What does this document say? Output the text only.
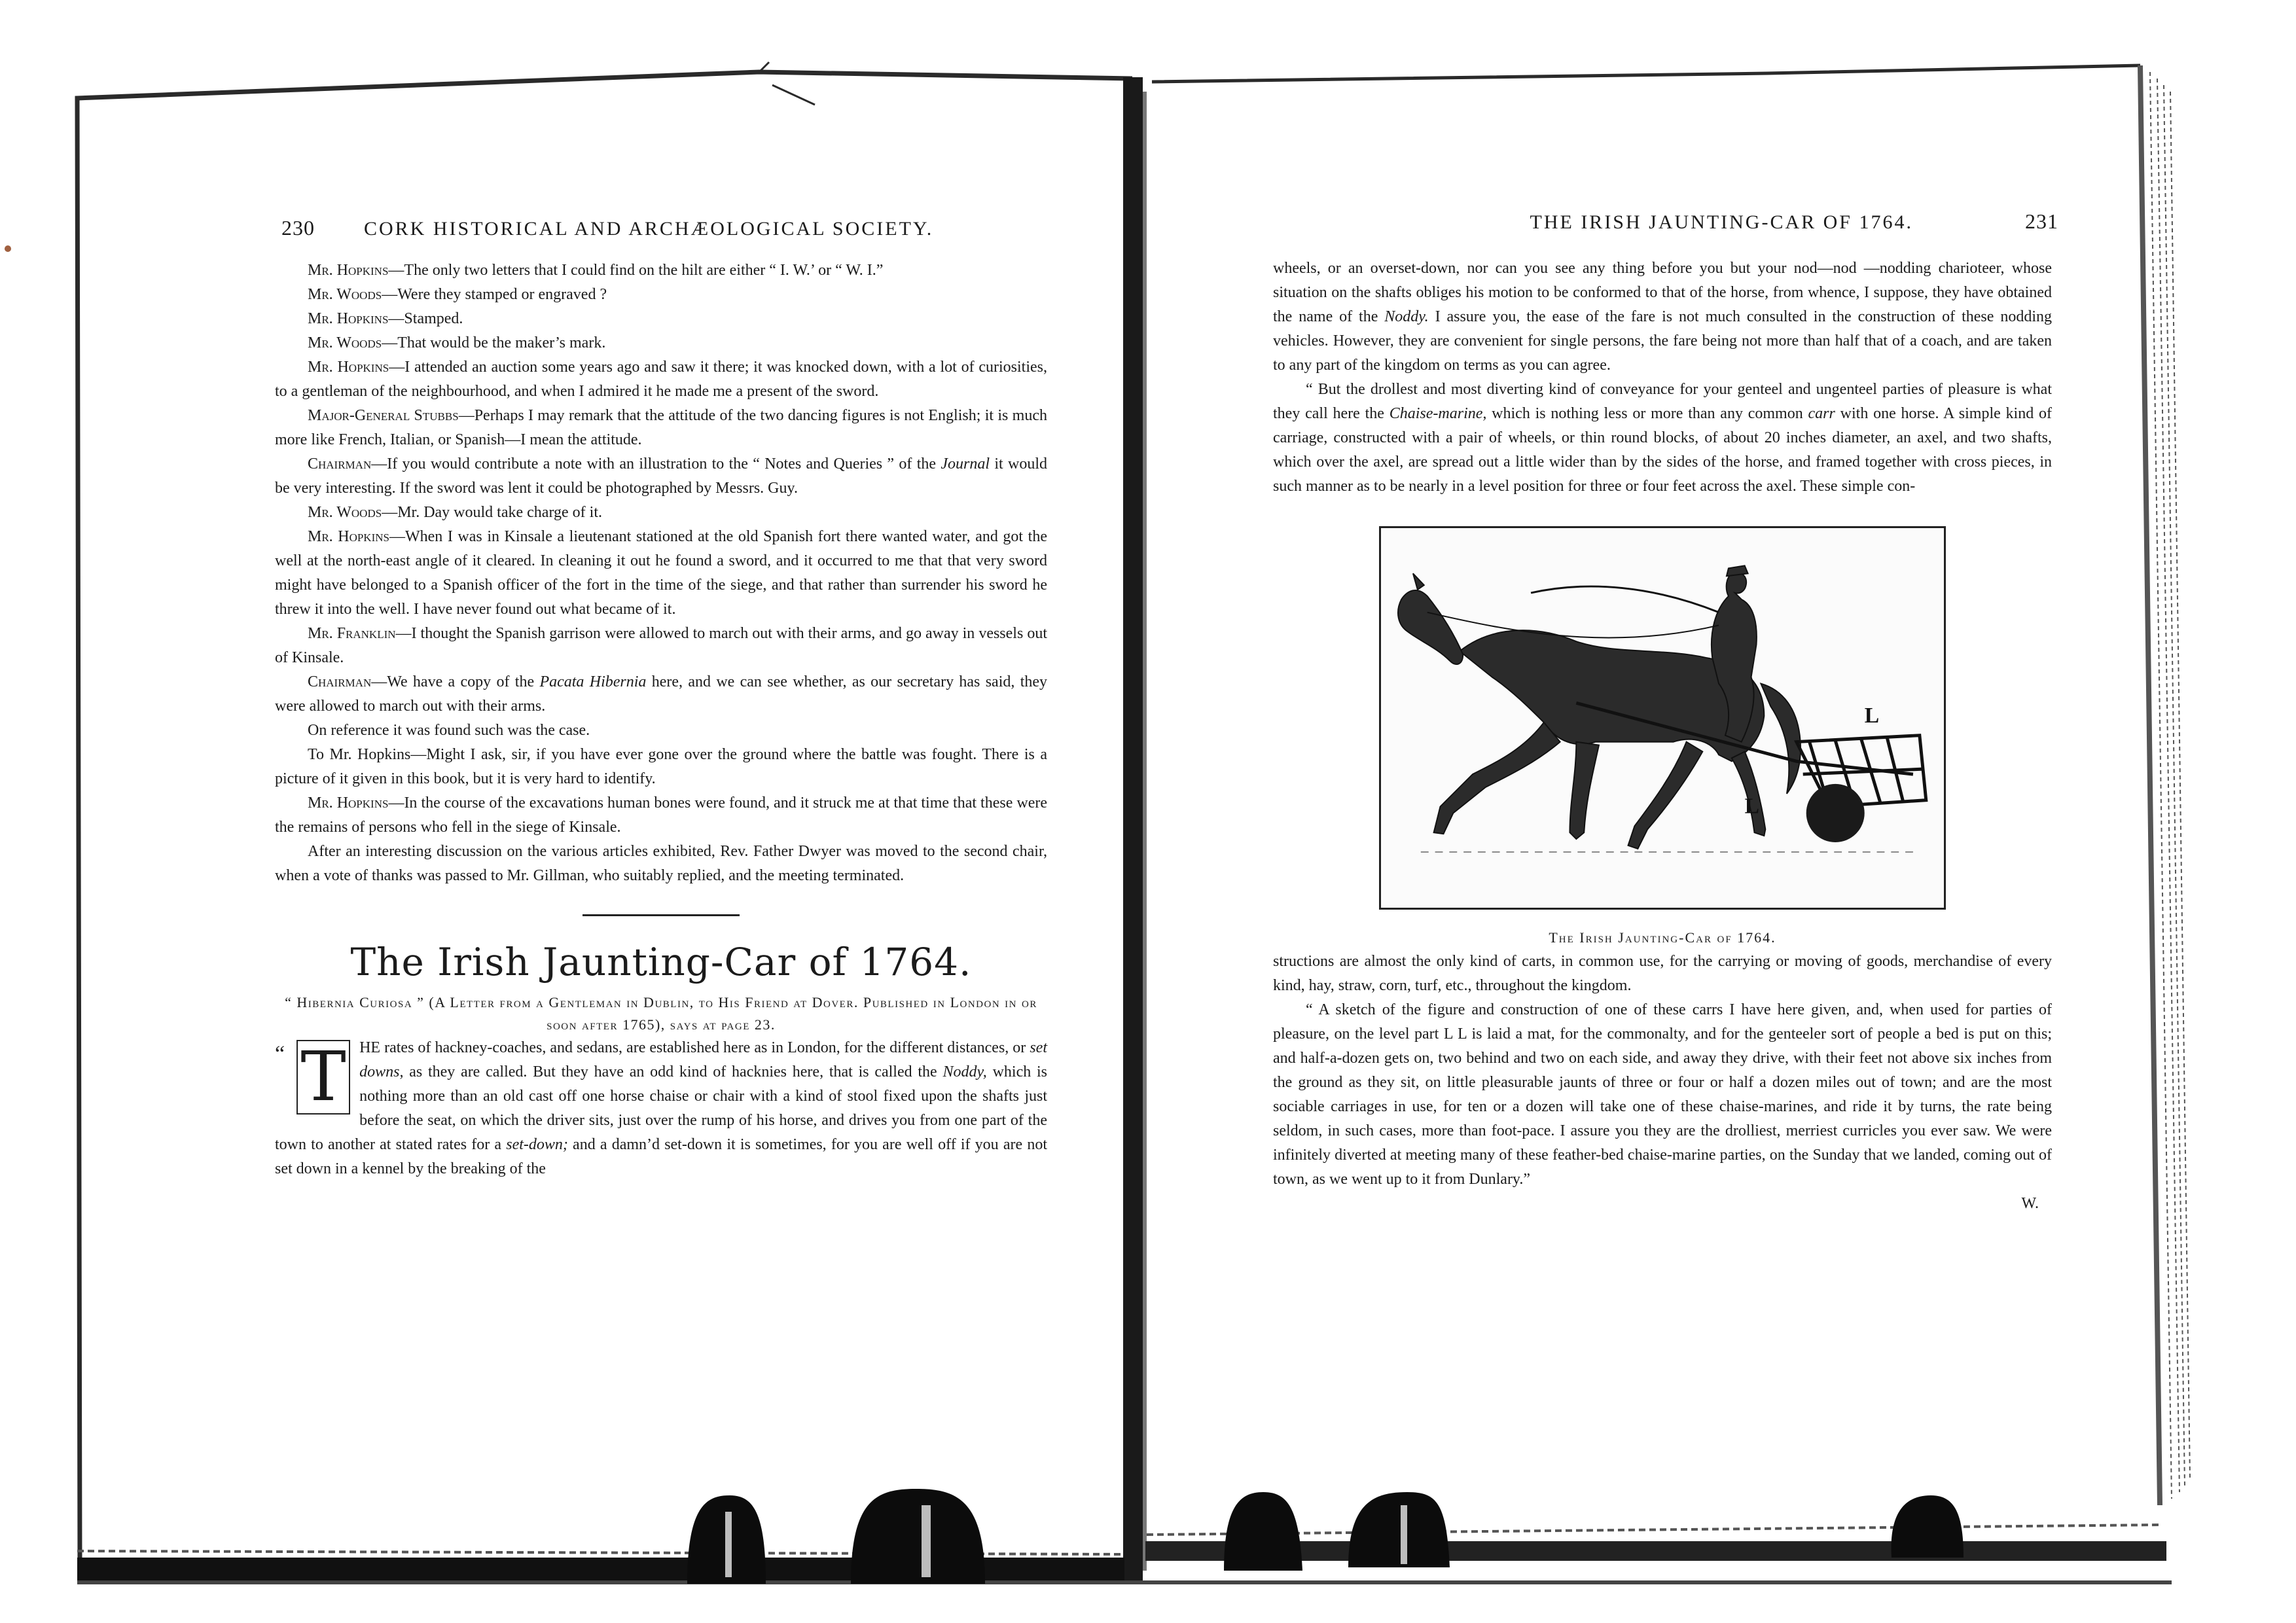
230	CORK HISTORICAL AND ARCHÆOLOGICAL SOCIETY.

Mr. Hopkins—The only two letters that I could find on the hilt are either “ I. W.’ or “ W. I.”

Mr. Woods—Were they stamped or engraved ?

Mr. Hopkins—Stamped.

Mr. Woods—That would be the maker’s mark.

Mr. Hopkins—I attended an auction some years ago and saw it there; it was knocked down, with a lot of curiosities, to a gentleman of the neighbourhood, and when I admired it he made me a present of the sword.

Major-General Stubbs—Perhaps I may remark that the attitude of the two dancing figures is not English; it is much more like French, Italian, or Spanish—I mean the attitude.

Chairman—If you would contribute a note with an illustration to the “ Notes and Queries ” of the Journal it would be very interesting. If the sword was lent it could be photographed by Messrs. Guy.

Mr. Woods—Mr. Day would take charge of it.

Mr. Hopkins—When I was in Kinsale a lieutenant stationed at the old Spanish fort there wanted water, and got the well at the north-east angle of it cleared. In cleaning it out he found a sword, and it occurred to me that that very sword might have belonged to a Spanish officer of the fort in the time of the siege, and that rather than surrender his sword he threw it into the well. I have never found out what became of it.

Mr. Franklin—I thought the Spanish garrison were allowed to march out with their arms, and go away in vessels out of Kinsale.

Chairman—We have a copy of the Pacata Hibernia here, and we can see whether, as our secretary has said, they were allowed to march out with their arms.

On reference it was found such was the case.

To Mr. Hopkins—Might I ask, sir, if you have ever gone over the ground where the battle was fought. There is a picture of it given in this book, but it is very hard to identify.

Mr. Hopkins—In the course of the excavations human bones were found, and it struck me at that time that these were the remains of persons who fell in the siege of Kinsale.

After an interesting discussion on the various articles exhibited, Rev. Father Dwyer was moved to the second chair, when a vote of thanks was passed to Mr. Gillman, who suitably replied, and the meeting terminated.

The Irish Jaunting-Car of 1764.

“ Hibernia Curiosa ” (A Letter from a Gentleman in Dublin, to His Friend at Dover. Published in London in or soon after 1765), says at page 23.

“ T HE rates of hackney-coaches, and sedans, are established here as in London, for the different distances, or set downs, as they are called. But they have an odd kind of hacknies here, that is called the Noddy, which is nothing more than an old cast off one horse chaise or chair with a kind of stool fixed upon the shafts just before the seat, on which the driver sits, just over the rump of his horse, and drives you from one part of the town to another at stated rates for a set-down; and a damn’d set-down it is sometimes, for you are well off if you are not set down in a kennel by the breaking of the

THE IRISH JAUNTING-CAR OF 1764.	231

wheels, or an overset-down, nor can you see any thing before you but your nod—nod —nodding charioteer, whose situation on the shafts obliges his motion to be conformed to that of the horse, from whence, I suppose, they have obtained the name of the Noddy. I assure you, the ease of the fare is not much consulted in the construction of these nodding vehicles. However, they are convenient for single persons, the fare being not more than half that of a coach, and are taken to any part of the kingdom on terms as you can agree.

“ But the drollest and most diverting kind of conveyance for your genteel and ungenteel parties of pleasure is what they call here the Chaise-marine, which is nothing less or more than any common carr with one horse. A simple kind of carriage, constructed with a pair of wheels, or thin round blocks, of about 20 inches diameter, an axel, and two shafts, which over the axel, are spread out a little wider than by the sides of the horse, and framed together with cross pieces, in such manner as to be nearly in a level position for three or four feet across the axel. These simple con-

L
L

The Irish Jaunting-Car of 1764.

structions are almost the only kind of carts, in common use, for the carrying or moving of goods, merchandise of every kind, hay, straw, corn, turf, etc., throughout the kingdom.

“ A sketch of the figure and construction of one of these carrs I have here given, and, when used for parties of pleasure, on the level part L L is laid a mat, for the commonalty, and for the genteeler sort of people a bed is put on this; and half-a-dozen gets on, two behind and two on each side, and away they drive, with their feet not above six inches from the ground as they sit, on little pleasurable jaunts of three or four or half a dozen miles out of town; and are the most sociable carriages in use, for ten or a dozen will take one of these chaise-marines, and ride it by turns, the rate being seldom, in such cases, more than foot-pace. I assure you they are the drolliest, merriest curricles you ever saw. We were infinitely diverted at meeting many of these feather-bed chaise-marine parties, on the Sunday that we landed, coming out of town, as we went up to it from Dunlary.”

W.
